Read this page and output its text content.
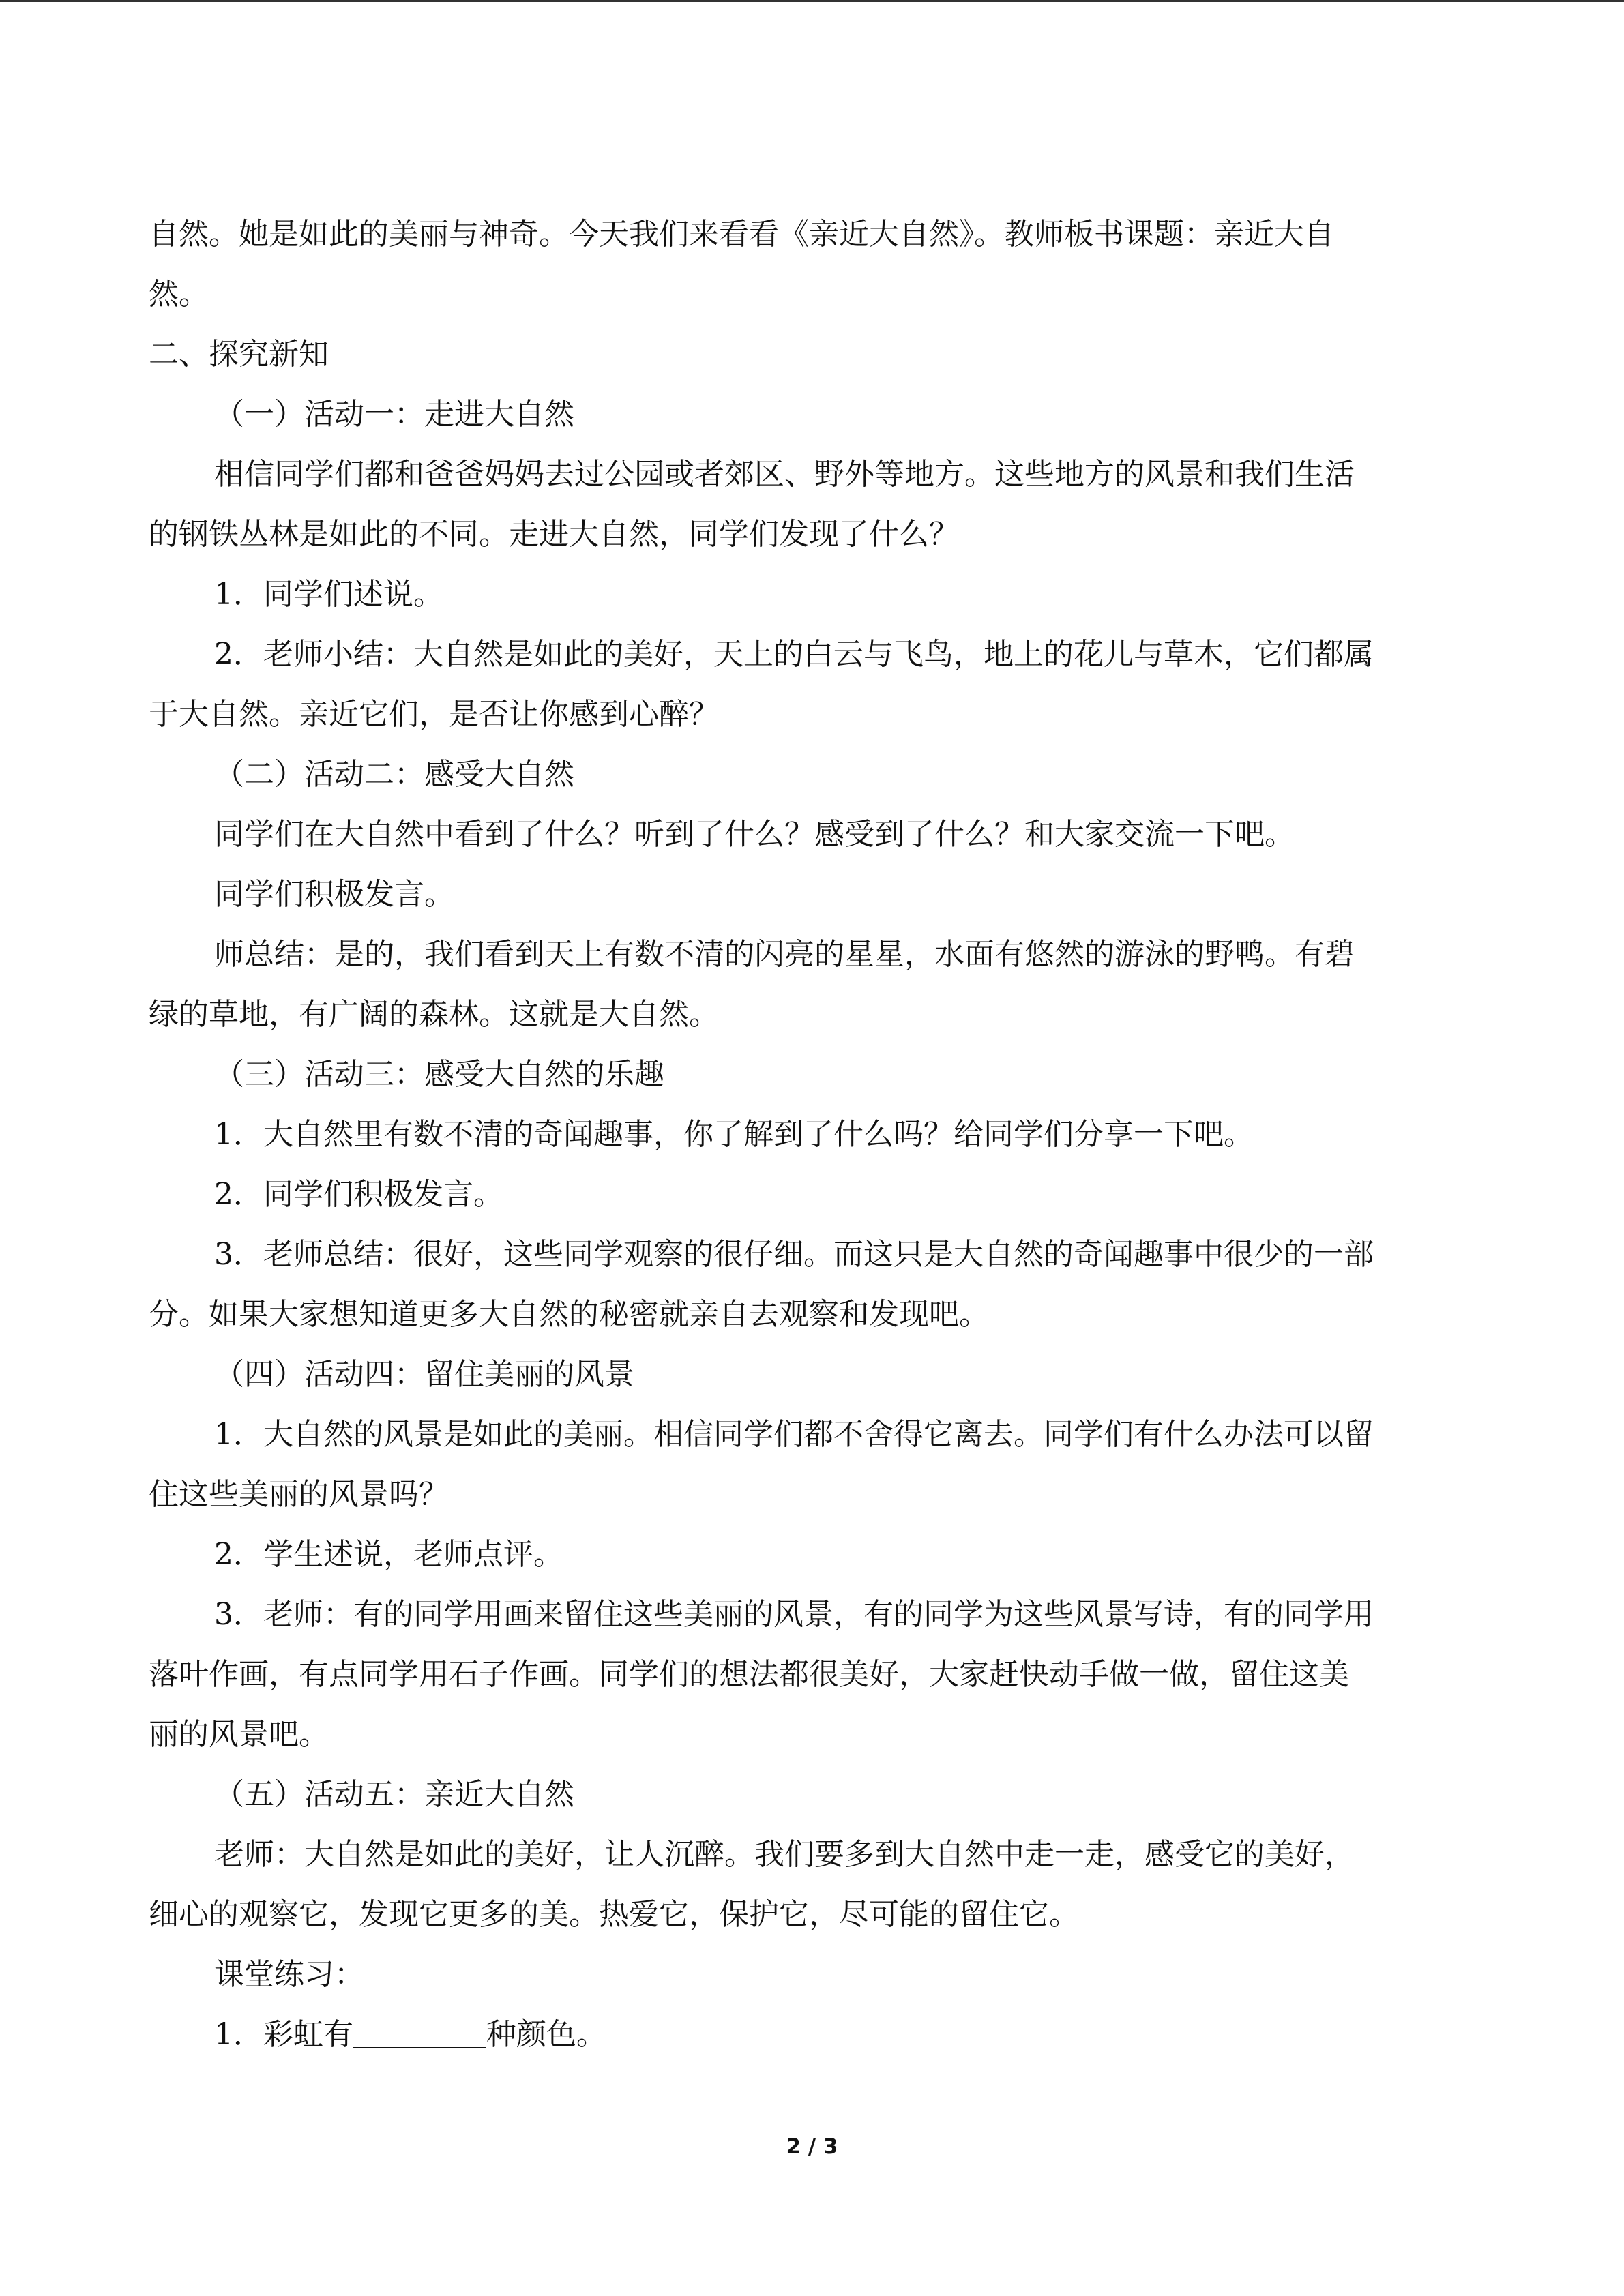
自然。她是如此的美丽与神奇。今天我们来看看《亲近大自然》。教师板书课题：亲近大自

然。

二、探究新知

（一）活动一：走进大自然

相信同学们都和爸爸妈妈去过公园或者郊区、野外等地方。这些地方的风景和我们生活

的钢铁丛林是如此的不同。走进大自然，同学们发现了什么？

1．同学们述说。

2．老师小结：大自然是如此的美好，天上的白云与飞鸟，地上的花儿与草木，它们都属

于大自然。亲近它们，是否让你感到心醉？

（二）活动二：感受大自然

同学们在大自然中看到了什么？听到了什么？感受到了什么？和大家交流一下吧。

同学们积极发言。

师总结：是的，我们看到天上有数不清的闪亮的星星，水面有悠然的游泳的野鸭。有碧

绿的草地，有广阔的森林。这就是大自然。

（三）活动三：感受大自然的乐趣

1．大自然里有数不清的奇闻趣事，你了解到了什么吗？给同学们分享一下吧。

2．同学们积极发言。

3．老师总结：很好，这些同学观察的很仔细。而这只是大自然的奇闻趣事中很少的一部

分。如果大家想知道更多大自然的秘密就亲自去观察和发现吧。

（四）活动四：留住美丽的风景

1．大自然的风景是如此的美丽。相信同学们都不舍得它离去。同学们有什么办法可以留

住这些美丽的风景吗？

2．学生述说，老师点评。

3．老师：有的同学用画来留住这些美丽的风景，有的同学为这些风景写诗，有的同学用

落叶作画，有点同学用石子作画。同学们的想法都很美好，大家赶快动手做一做，留住这美

丽的风景吧。

（五）活动五：亲近大自然

老师：大自然是如此的美好，让人沉醉。我们要多到大自然中走一走，感受它的美好，

细心的观察它，发现它更多的美。热爱它，保护它，尽可能的留住它。

课堂练习：

1．彩虹有	种颜色。

2 / 3
